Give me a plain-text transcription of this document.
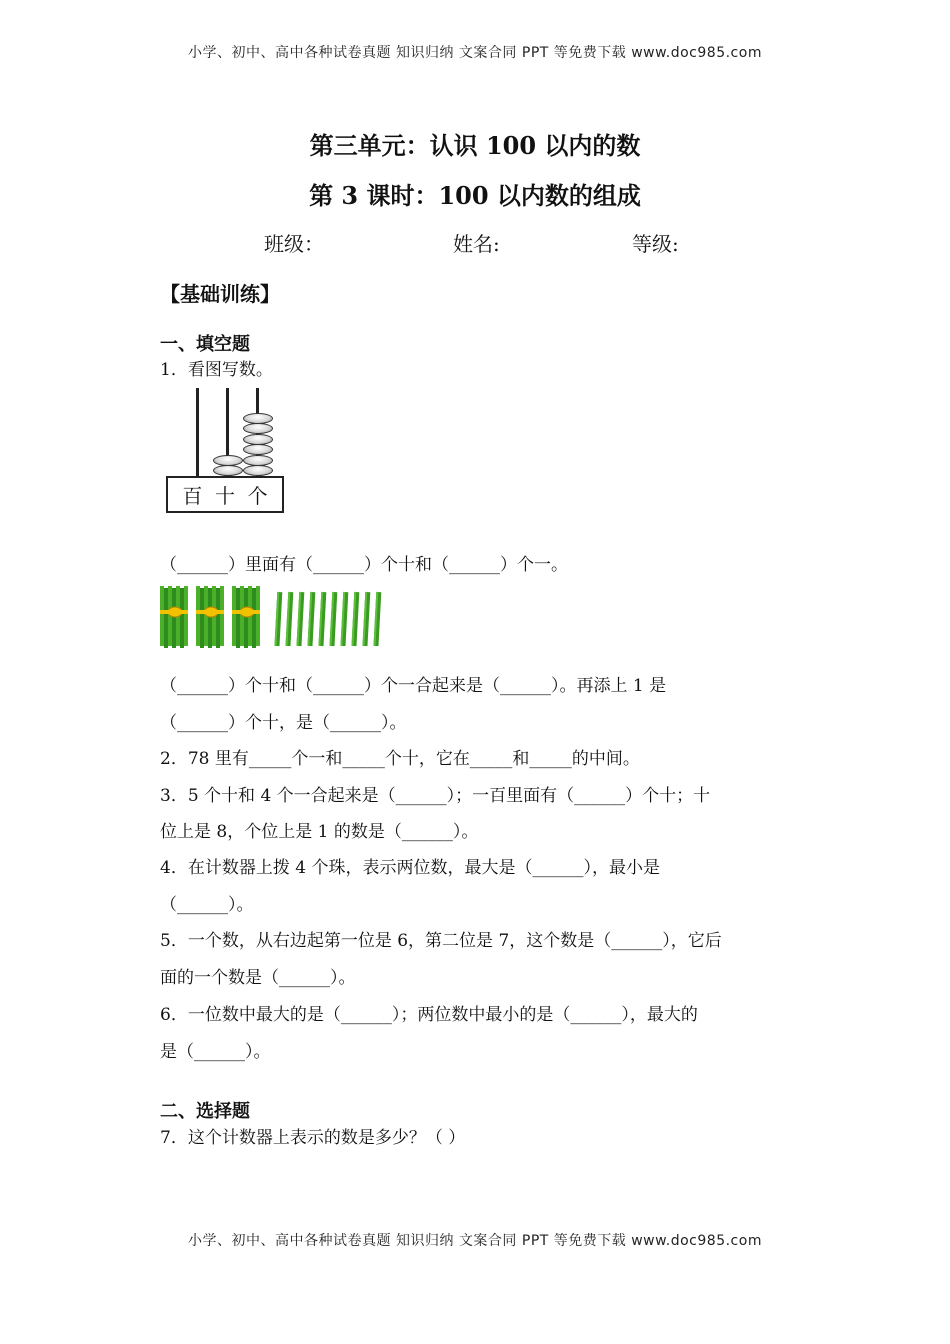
小学、初中、高中各种试卷真题 知识归纳 文案合同 PPT 等免费下载 www.doc985.com
第三单元：认识 100 以内的数
第 3 课时：100 以内数的组成
班级：	姓名:	等级:
【基础训练】
一、填空题
1．看图写数。
百 十 个
（______）里面有（______）个十和（______）个一。
（______）个十和（______）个一合起来是（______）。再添上 1 是
（______）个十，是（______）。
2．78 里有_____个一和_____个十，它在_____和_____的中间。
3．5 个十和 4 个一合起来是（______）；一百里面有（______）个十；十
位上是 8，个位上是 1 的数是（______）。
4．在计数器上拨 4 个珠，表示两位数，最大是（______），最小是
（______）。
5．一个数，从右边起第一位是 6，第二位是 7，这个数是（______），它后
面的一个数是（______）。
6．一位数中最大的是（______）；两位数中最小的是（______），最大的
是（______）。
二、选择题
7．这个计数器上表示的数是多少？（ ）
小学、初中、高中各种试卷真题 知识归纳 文案合同 PPT 等免费下载 www.doc985.com
